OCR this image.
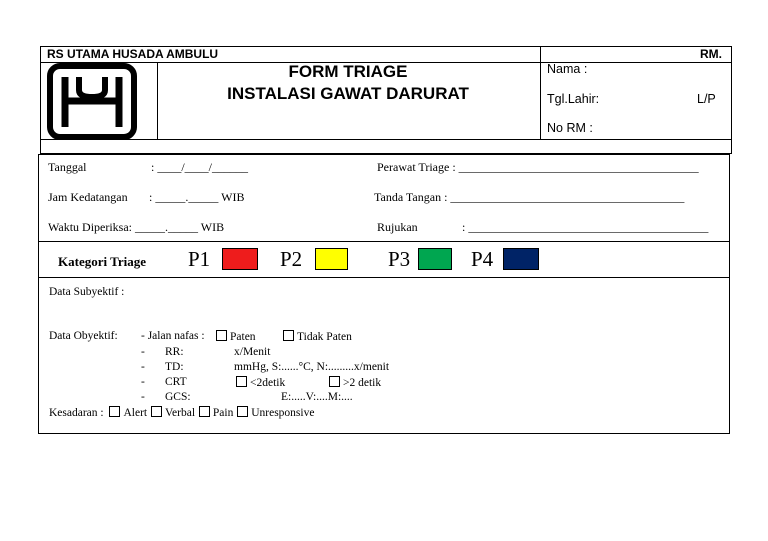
RS UTAMA HUSADA AMBULU	RM.
FORM TRIAGE
INSTALASI GAWAT DARURAT
Nama :
Tgl.Lahir:	L/P
No RM :
Tanggal	: ____/____/______	Perawat Triage : ________________________________________
Jam Kedatangan : _____._____ WIB	Tanda Tangan : _______________________________________
Waktu Diperiksa: _____._____ WIB	Rujukan	: ________________________________________
Kategori Triage P1	P2	P3	P4
Data Subyektif :
Data Obyektif: - Jalan nafas :	Paten	Tidak Paten
- RR:	x/Menit
- TD:	mmHg, S:......°C, N:.........x/menit
- CRT	<2detik	>2 detik
- GCS:	E:.....V:....M:....
Kesadaran : Alert Verbal Pain Unresponsive
